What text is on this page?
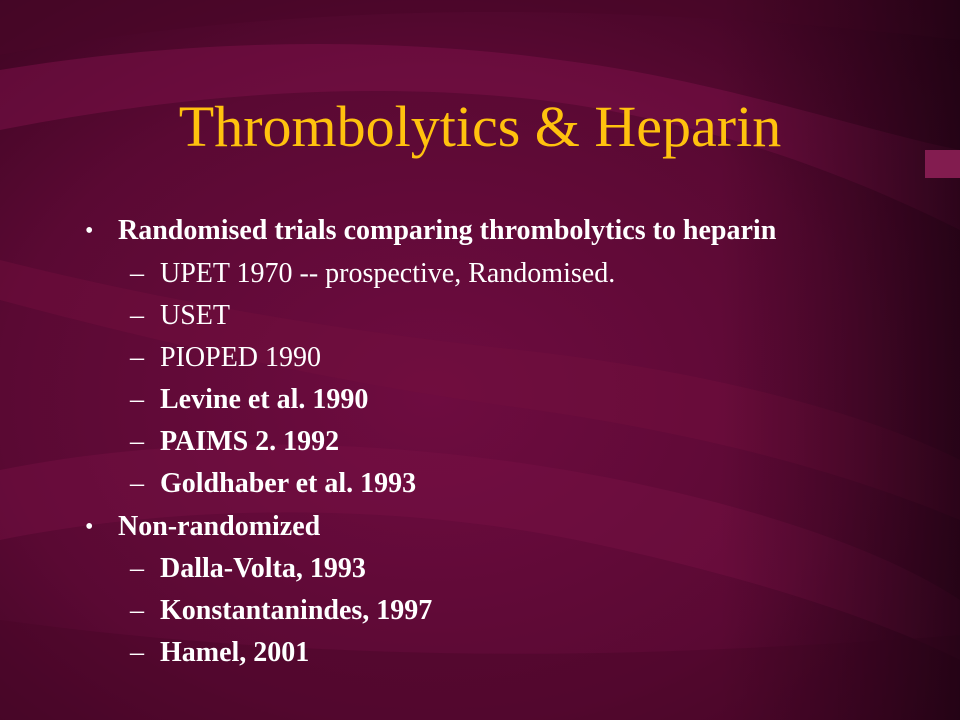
Thrombolytics & Heparin
• Randomised trials comparing thrombolytics to heparin
– UPET 1970 -- prospective, Randomised.
– USET
– PIOPED 1990
– Levine et al. 1990
– PAIMS 2. 1992
– Goldhaber et al. 1993
• Non-randomized
– Dalla-Volta, 1993
– Konstantanindes, 1997
– Hamel, 2001
